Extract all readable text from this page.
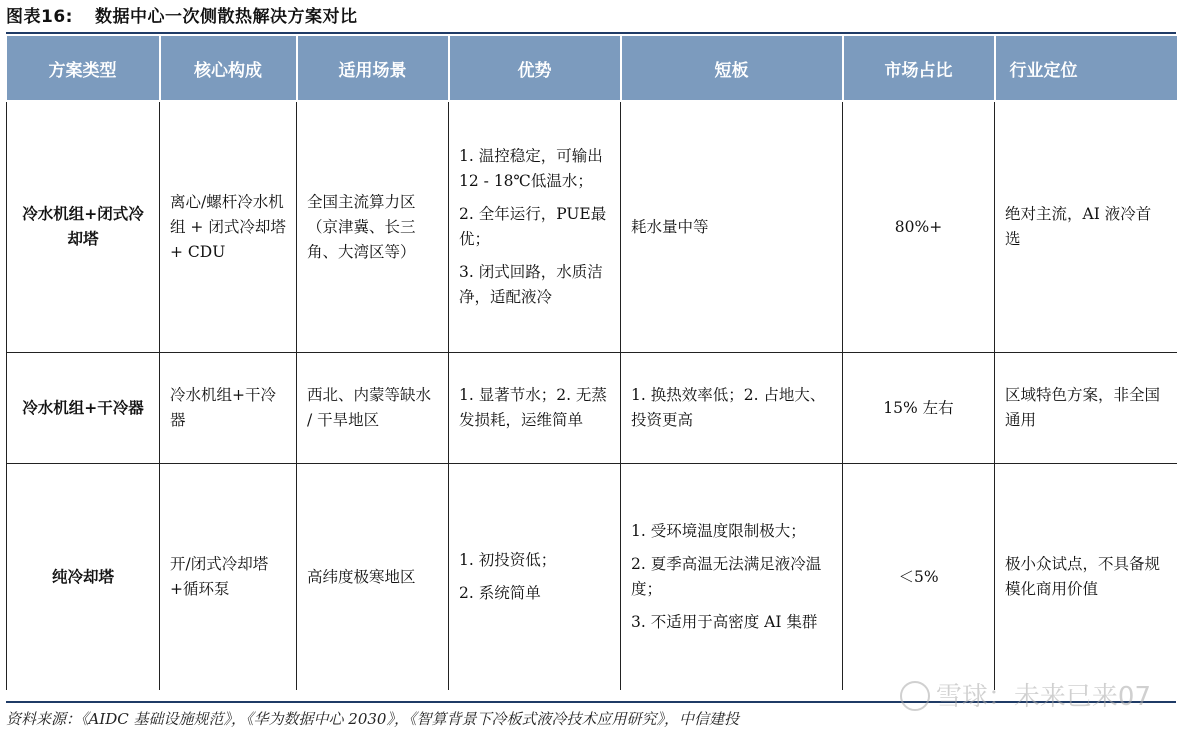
图表16: 数据中心一次侧散热解决方案对比
方案类型	核心构成	适用场景	优势	短板	市场占比	行业定位

冷水机组+闭式冷却塔	离心/螺杆冷水机组 + 闭式冷却塔 + CDU	全国主流算力区（京津冀、长三角、大湾区等）	1. 温控稳定，可输出 12 - 18℃低温水；
2. 全年运行，PUE最优；
3. 闭式回路，水质洁净，适配液冷	耗水量中等	80%+	绝对主流，AI 液冷首选
冷水机组+干冷器	冷水机组+干冷器	西北、内蒙等缺水 / 干旱地区	1. 显著节水；2. 无蒸发损耗，运维简单	1. 换热效率低；2. 占地大、投资更高	15% 左右	区域特色方案，非全国通用
纯冷却塔	开/闭式冷却塔+循环泵	高纬度极寒地区	1. 初投资低；
2. 系统简单	1. 受环境温度限制极大；
2. 夏季高温无法满足液冷温度；
3. 不适用于高密度 AI 集群	＜5%	极小众试点，不具备规模化商用价值
雪球：未来已来07
资料来源：《AIDC 基础设施规范》，《华为数据中心 2030》，《智算背景下冷板式液冷技术应用研究》，中信建投
